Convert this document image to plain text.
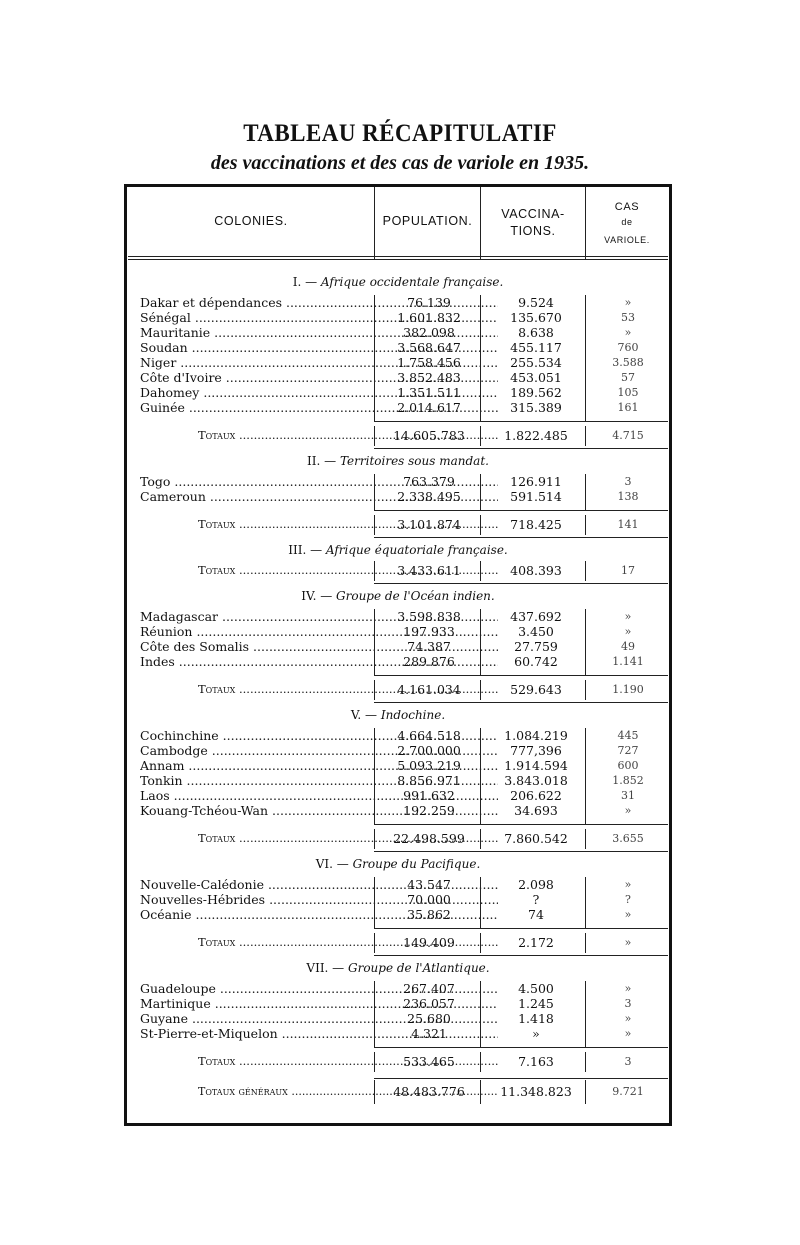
TABLEAU RÉCAPITULATIF
des vaccinations et des cas de variole en 1935.
COLONIES.	POPULATION.	VACCINA-
TIONS.
CAS
de
VARIOLE.
I. — Afrique occidentale française.
Dakar et dépendances .....	76.139	9.524	»
Sénégal .....	1.601.832	135.670	53
Mauritanie .....	382.098	8.638	»
Soudan .....	3.568.647	455.117	760
Niger .....	1.758.456	255.534	3.588
Côte d'Ivoire .....	3.852.483	453.051	57
Dahomey .....	1.351.511	189.562	105
Guinée .....	2.014.617	315.389	161
Totaux .....	14.605.783	1.822.485	4.715
II. — Territoires sous mandat.
Togo .....	763.379	126.911	3
Cameroun .....	2.338.495	591.514	138
Totaux .....	3.101.874	718.425	141
III. — Afrique équatoriale française.
Totaux .....	3.433.611	408.393	17
IV. — Groupe de l'Océan indien.
Madagascar .....	3.598.838	437.692	»
Réunion .....	197.933	3.450	»
Côte des Somalis .....	74.387	27.759	49
Indes .....	289.876	60.742	1.141
Totaux .....	4.161.034	529.643	1.190
V. — Indochine.
Cochinchine .....	4.664.518	1.084.219	445
Cambodge .....	2.700.000	777,396	727
Annam .....	5.093.219	1.914.594	600
Tonkin .....	8.856.971	3.843.018	1.852
Laos .....	991.632	206.622	31
Kouang-Tchéou-Wan .....	192.259	34.693	»
Totaux .....	22.498.599	7.860.542	3.655
VI. — Groupe du Pacifique.
Nouvelle-Calédonie .....	43.547	2.098	»
Nouvelles-Hébrides .....	70.000	?	?
Océanie .....	35.862	74	»
Totaux .....	149.409	2.172	»
VII. — Groupe de l'Atlantique.
Guadeloupe .....	267.407	4.500	»
Martinique .....	236.057	1.245	3
Guyane .....	25.680	1.418	»
St-Pierre-et-Miquelon .....	4.321	»	»
Totaux .....	533.465	7.163	3
Totaux généraux .....	48.483.776	11.348.823	9.721
